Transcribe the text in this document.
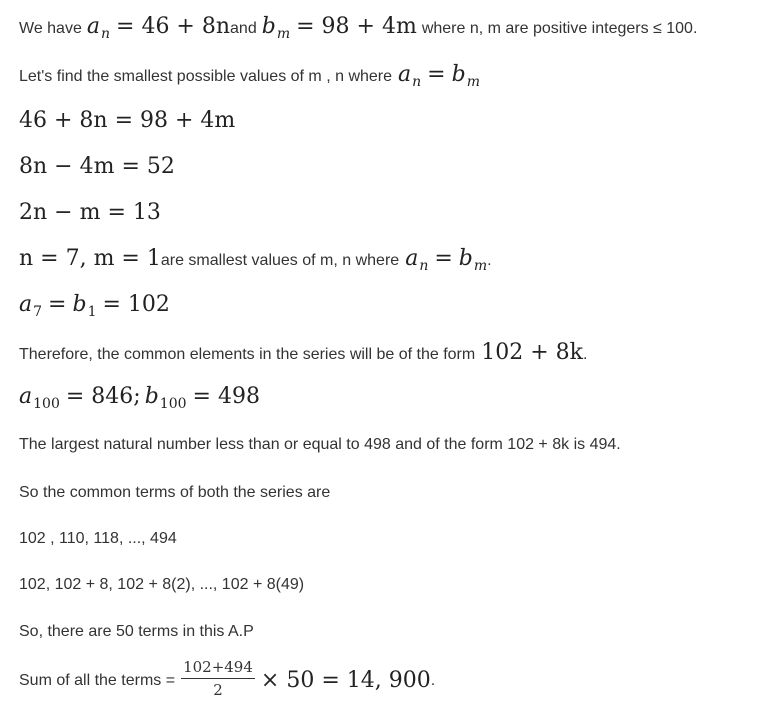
We have a n = 46 + 8n and b m = 98 + 4m where n, m are positive integers ≤ 100.
Let's find the smallest possible values of m , n where a n = b m
46 + 8n = 98 + 4m
8n − 4m = 52
2n − m = 13
n = 7, m = 1 are smallest values of m, n where a n = b m .
a 7 = b 1 = 102
Therefore, the common elements in the series will be of the form 102 + 8k .
a 100 = 846; b 100 = 498
The largest natural number less than or equal to 498 and of the form 102 + 8k is 494.
So the common terms of both the series are
102 , 110, 118, ..., 494
102, 102 + 8, 102 + 8(2), ..., 102 + 8(49)
So, there are 50 terms in this A.P
Sum of all the terms = $\frac{102+494}{2} \times 50 = 14$, 900 .
